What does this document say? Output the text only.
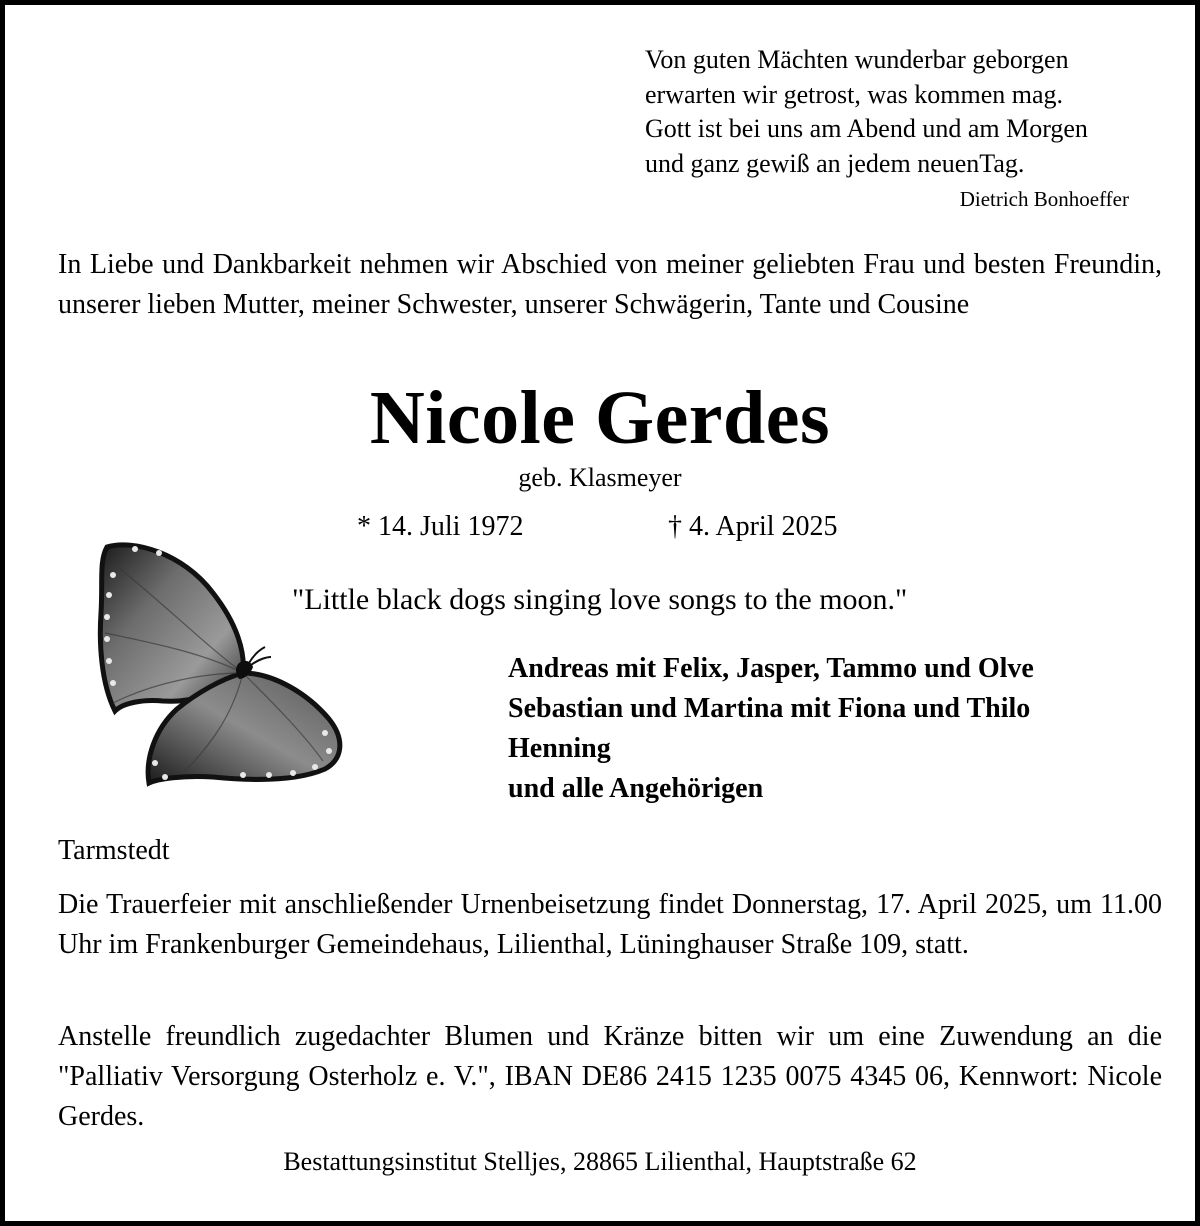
Von guten Mächten wunderbar geborgen
erwarten wir getrost, was kommen mag.
Gott ist bei uns am Abend und am Morgen
und ganz gewiß an jedem neuenTag.
Dietrich Bonhoeffer

In Liebe und Dankbarkeit nehmen wir Abschied von meiner geliebten Frau und besten Freundin, unserer lieben Mutter, meiner Schwester, unserer Schwägerin, Tante und Cousine

Nicole Gerdes
geb. Klasmeyer
* 14. Juli 1972	† 4. April 2025
"Little black dogs singing love songs to the moon."
Andreas mit Felix, Jasper, Tammo und Olve
Sebastian und Martina mit Fiona und Thilo
Henning
und alle Angehörigen
Tarmstedt

Die Trauerfeier mit anschließender Urnenbeisetzung findet Donnerstag, 17. April 2025, um 11.00 Uhr im Frankenburger Gemeindehaus, Lilienthal, Lüninghauser Straße 109, statt.

Anstelle freundlich zugedachter Blumen und Kränze bitten wir um eine Zuwendung an die "Palliativ Versorgung Osterholz e. V.", IBAN DE86 2415 1235 0075 4345 06, Kennwort: Nicole Gerdes.

Bestattungsinstitut Stelljes, 28865 Lilienthal, Hauptstraße 62
